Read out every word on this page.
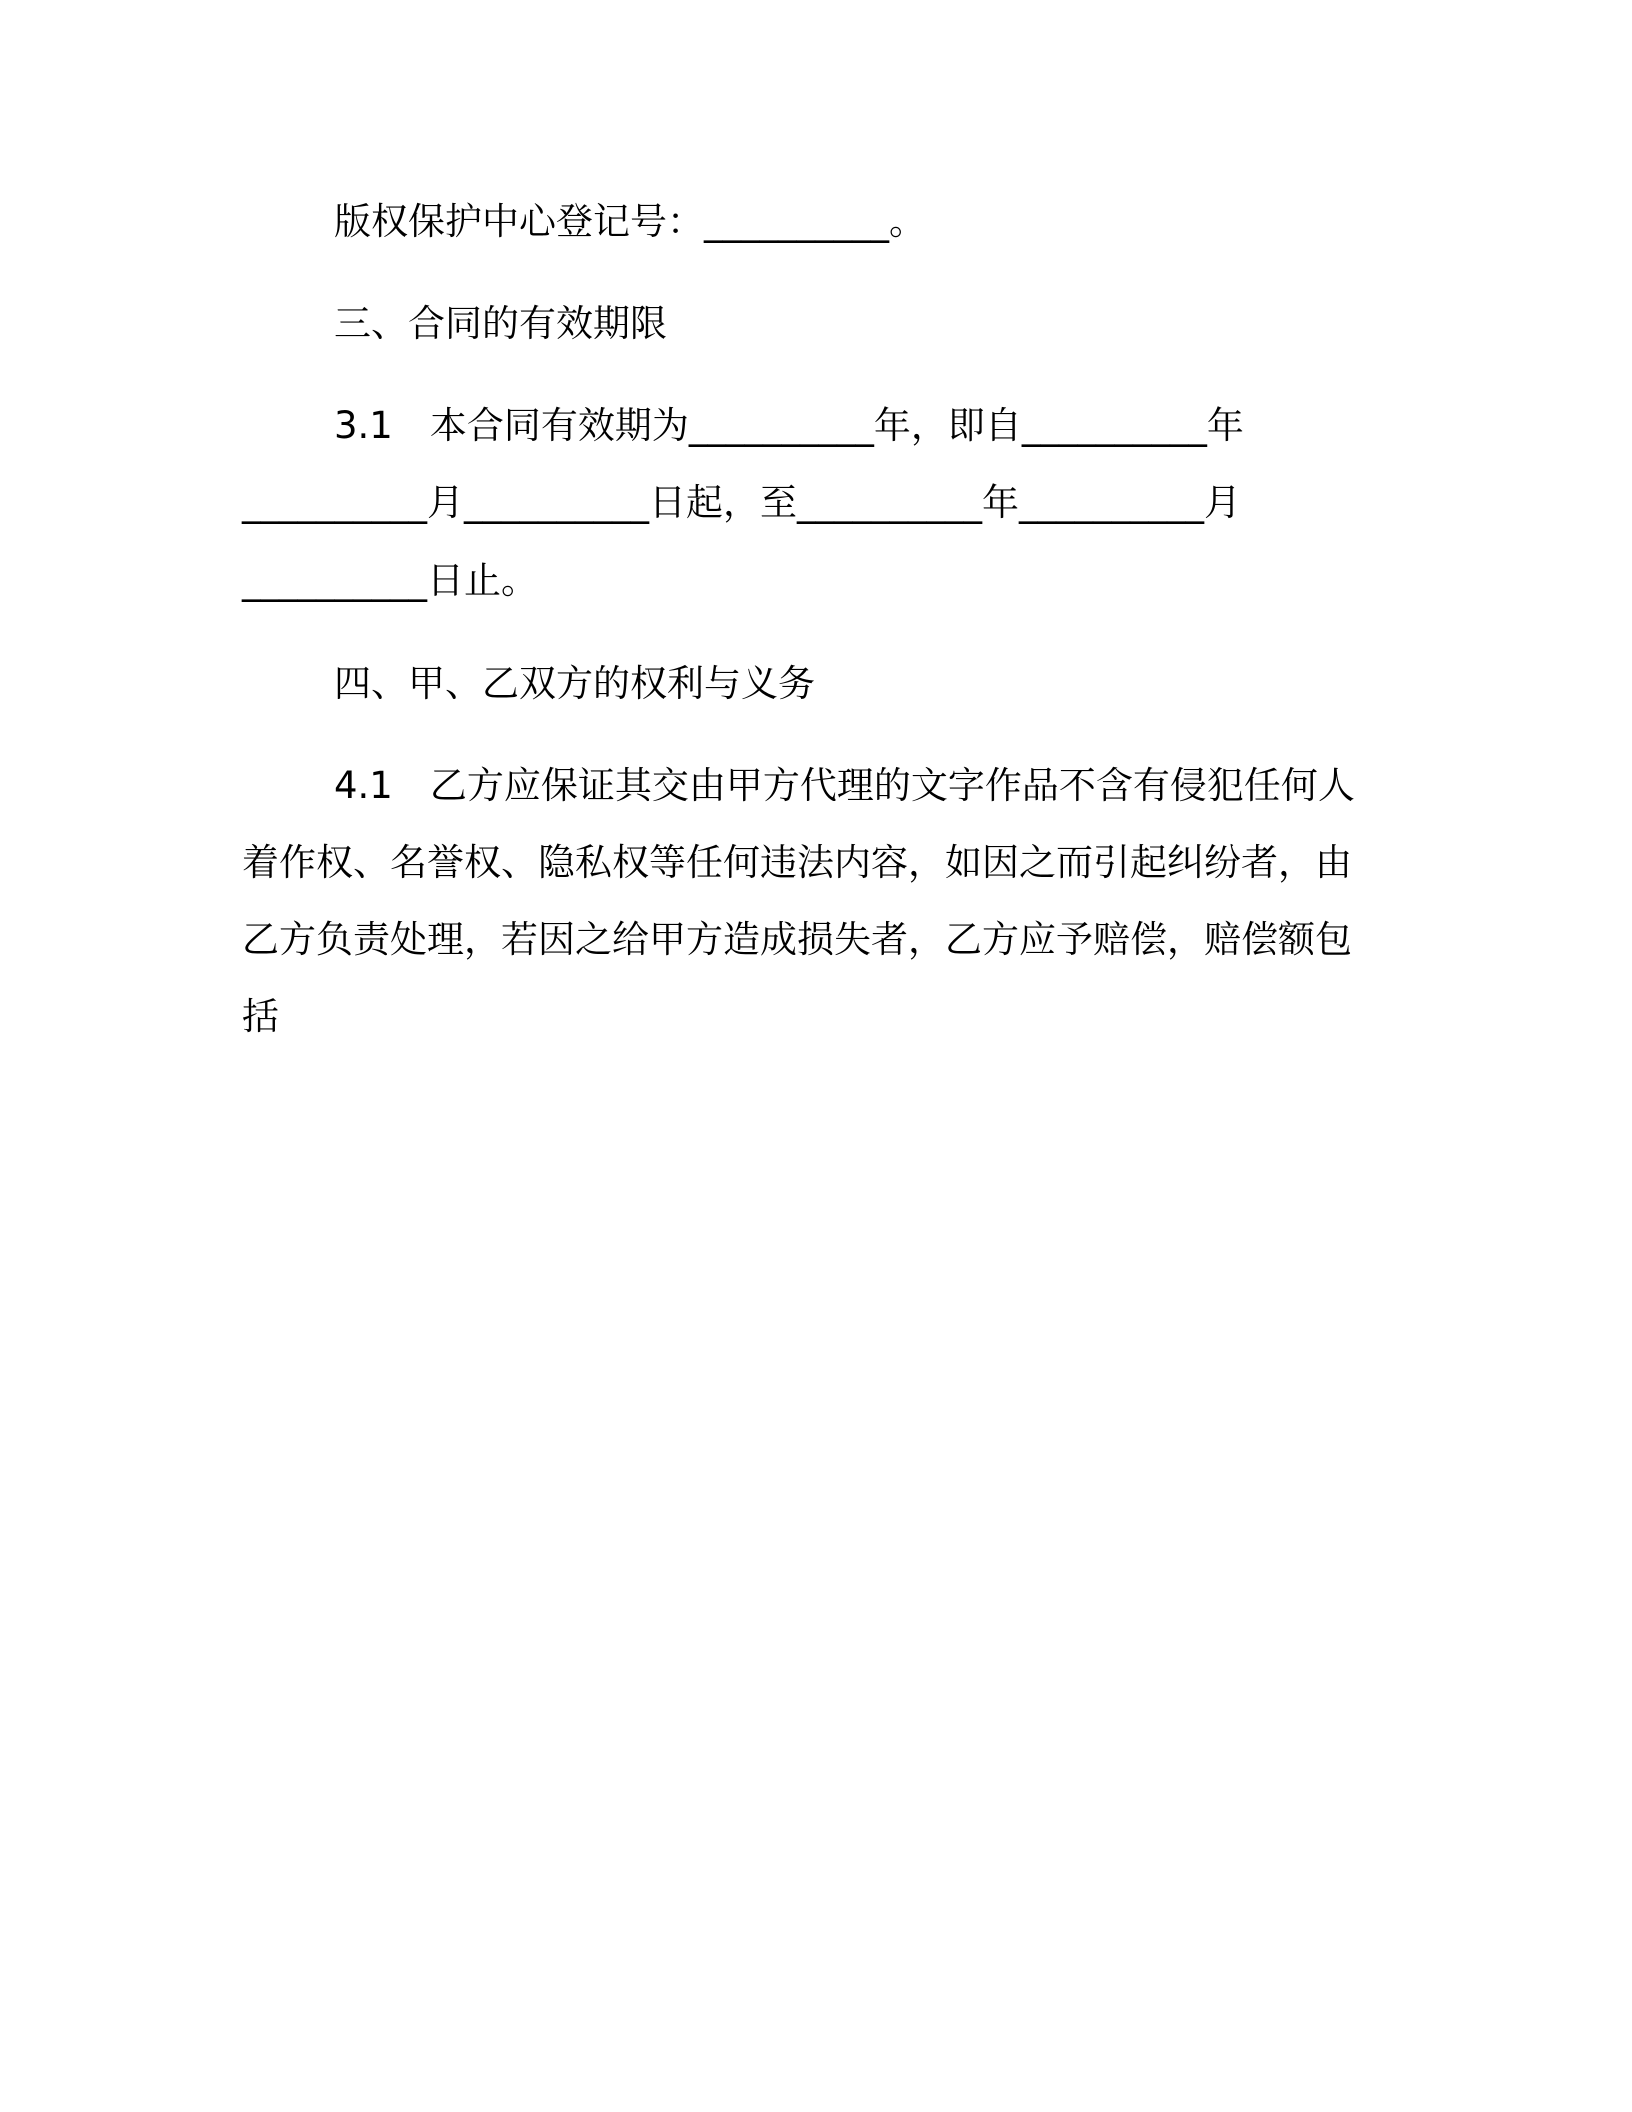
版权保护中心登记号：__________。
三、合同的有效期限
3.1　本合同有效期为__________年，即自__________年
__________月__________日起，至__________年__________月
__________日止。
四、甲、乙双方的权利与义务
4.1　乙方应保证其交由甲方代理的文字作品不含有侵犯任何人
着作权、名誉权、隐私权等任何违法内容，如因之而引起纠纷者，由
乙方负责处理，若因之给甲方造成损失者，乙方应予赔偿，赔偿额包
括
